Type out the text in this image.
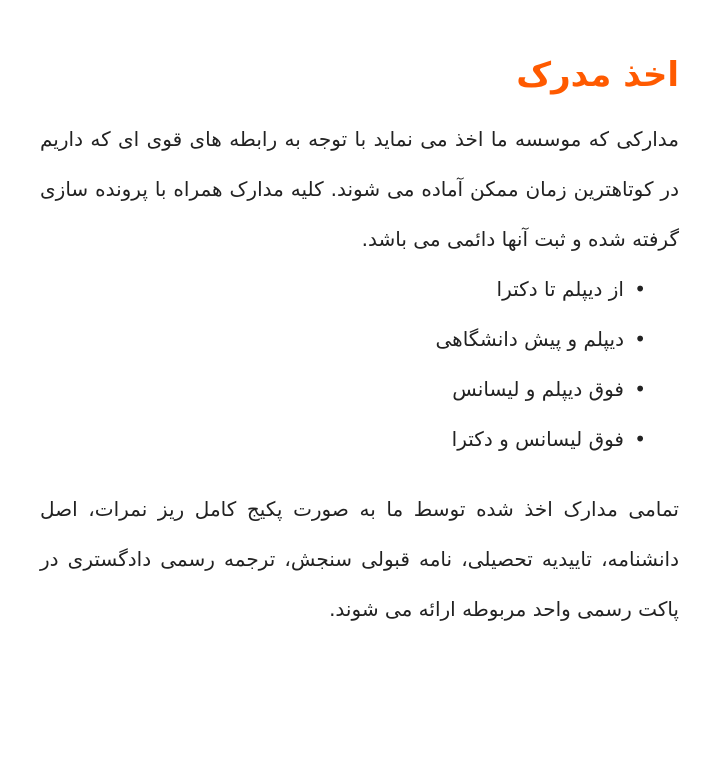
اخذ مدرک

مدارکی که موسسه ما اخذ می نماید با توجه به رابطه های قوی ای که داریم در کوتاهترین زمان ممکن آماده می شوند. کلیه مدارک همراه با پرونده سازی گرفته شده و ثبت آنها دائمی می باشد.

•
از دیپلم تا دکترا
•
دیپلم و پیش دانشگاهی
•
فوق دیپلم و لیسانس
•
فوق لیسانس و دکترا

تمامی مدارک اخذ شده توسط ما به صورت پکیج کامل ریز نمرات، اصل دانشنامه، تاییدیه تحصیلی، نامه قبولی سنجش، ترجمه رسمی دادگستری در پاکت رسمی واحد مربوطه ارائه می شوند.
